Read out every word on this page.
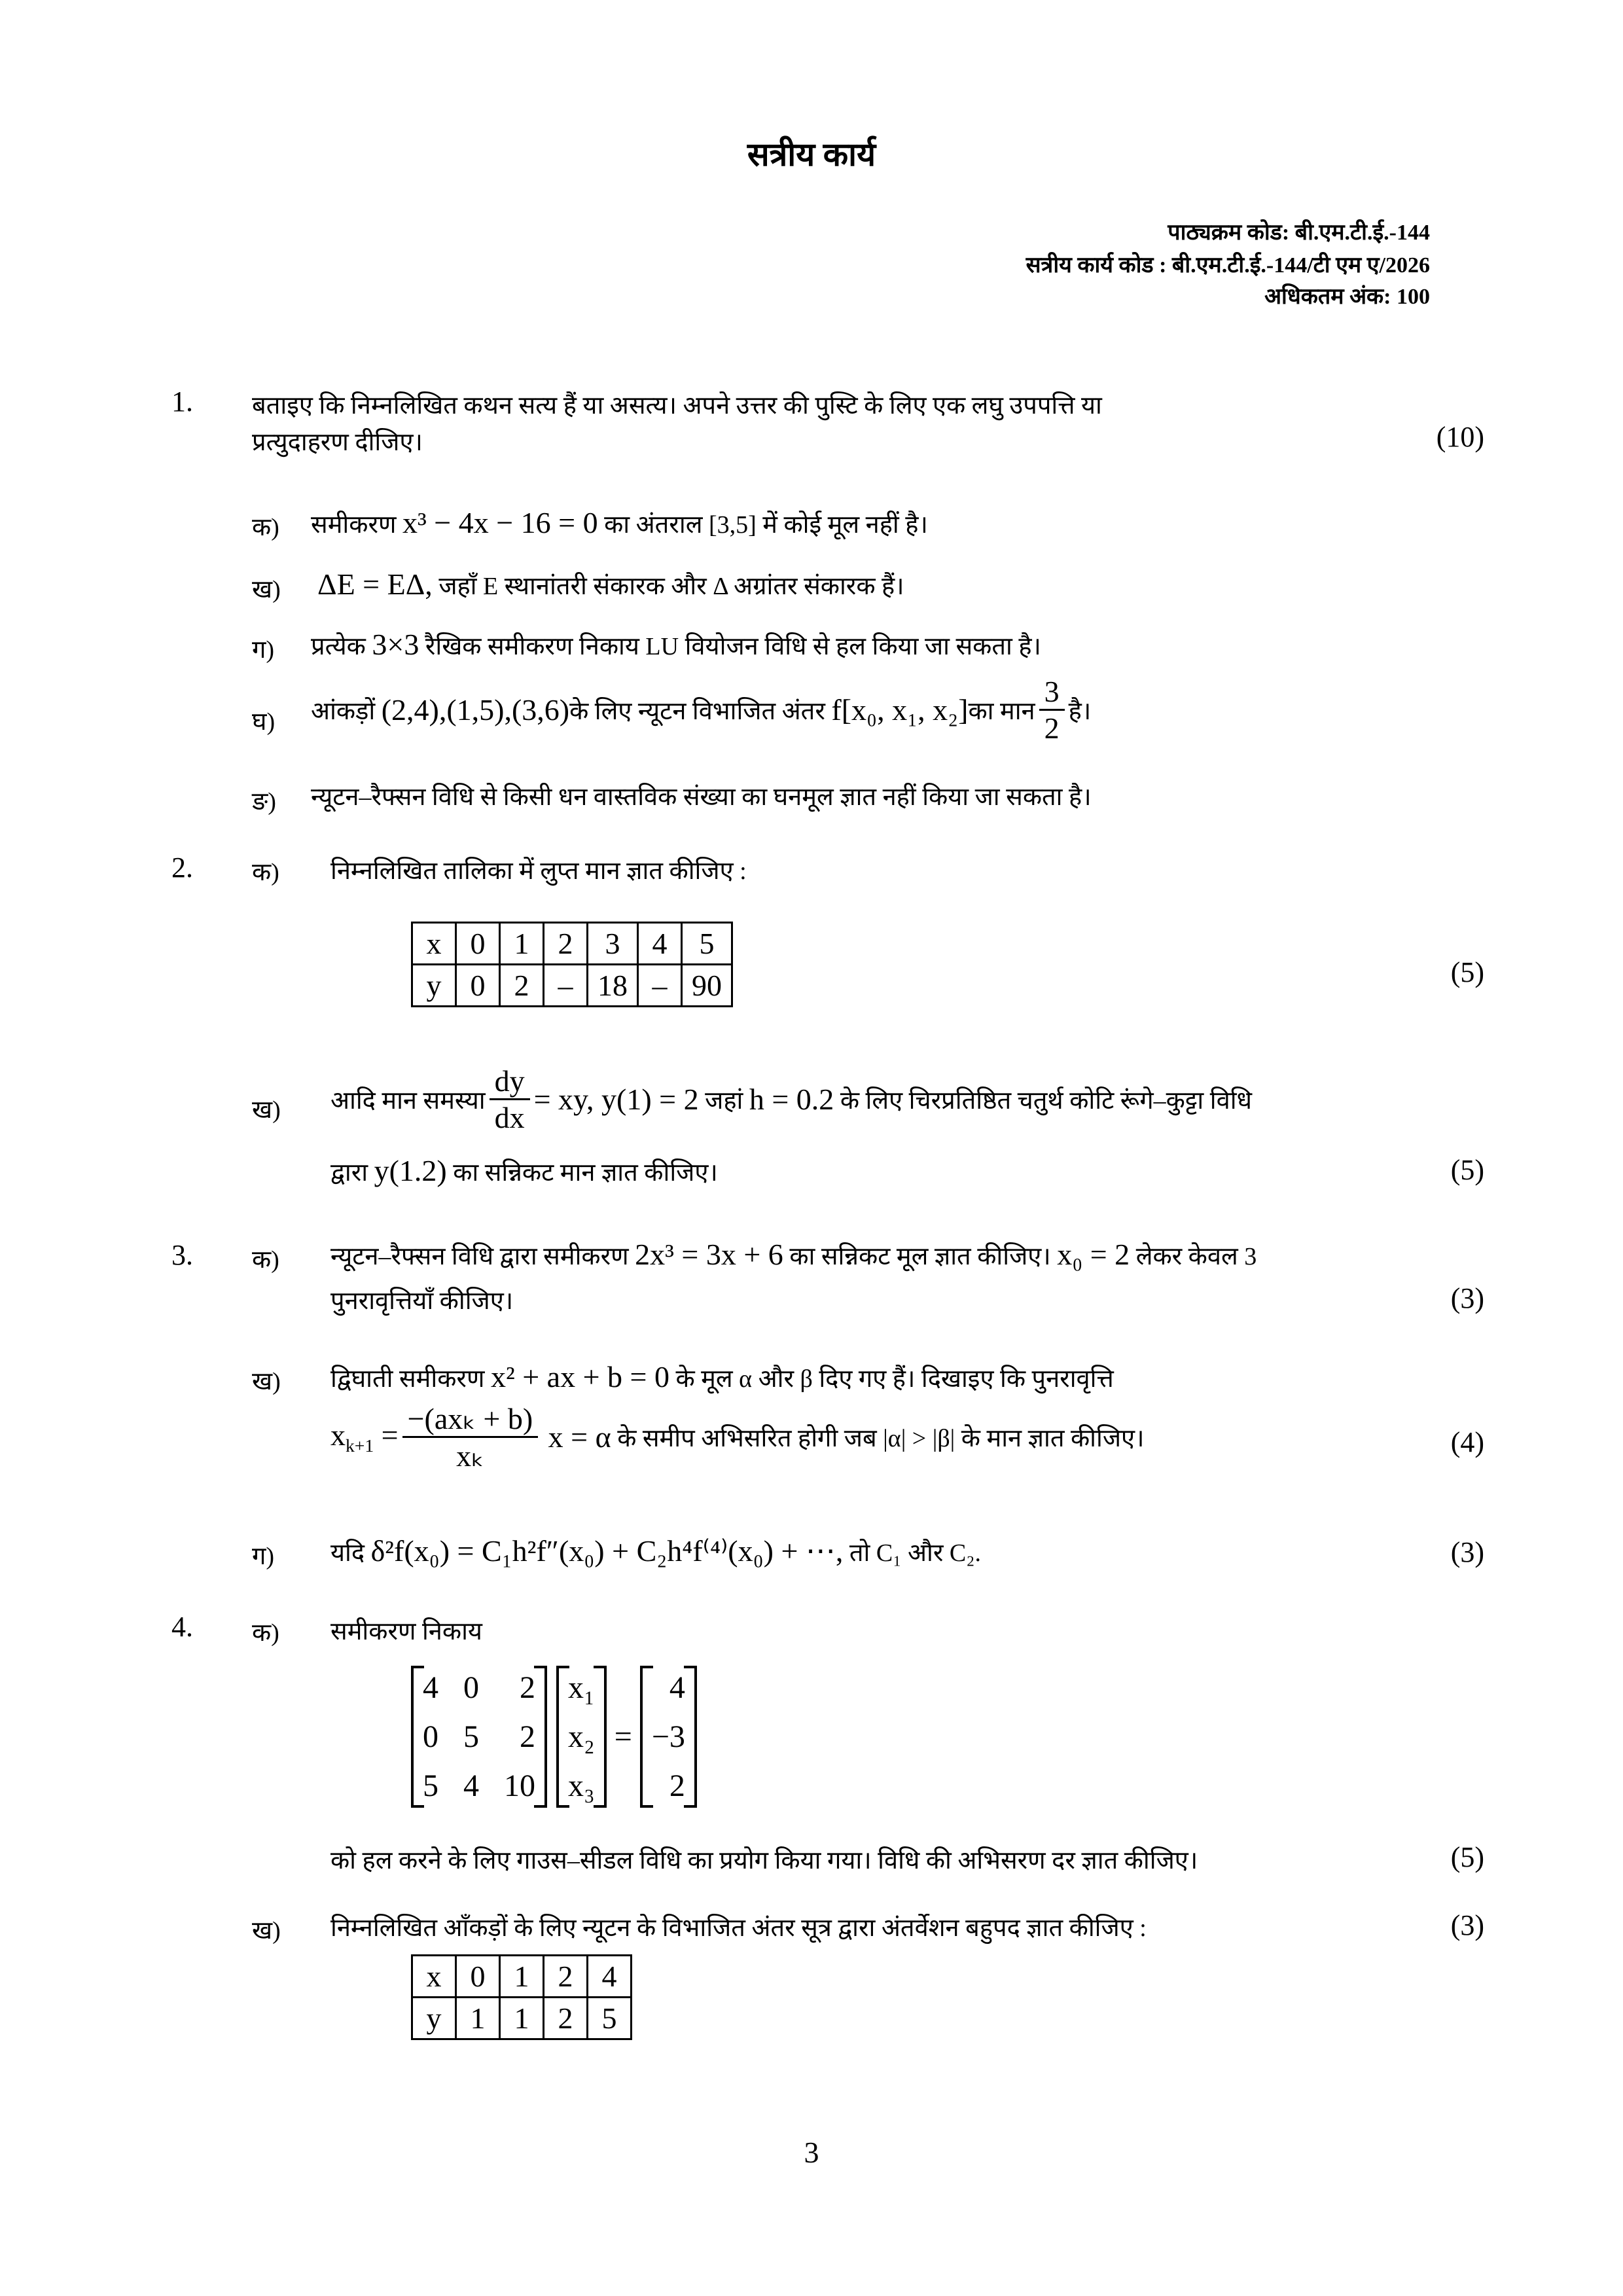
सत्रीय कार्य
पाठ्यक्रम कोड: बी.एम.टी.ई.-144
सत्रीय कार्य कोड : बी.एम.टी.ई.-144/टी एम ए/2026
अधिकतम अंक: 100
1. बताइए कि निम्नलिखित कथन सत्य हैं या असत्य। अपने उत्तर की पुस्टि के लिए एक लघु उपपत्ति या
प्रत्युदाहरण दीजिए।	(10)
क) समीकरण x³ − 4x − 16 = 0 का अंतराल [3,5] में कोई मूल नहीं है।
ख) ΔE = EΔ, जहाँ E स्थानांतरी संकारक और Δ अग्रांतर संकारक हैं।
ग) प्रत्येक 3×3 रैखिक समीकरण निकाय LU वियोजन विधि से हल किया जा सकता है।
घ) आंकड़ों
(2,4),(1,5),(3,6) के लिए न्यूटन विभाजित अंतर
f[x₀, x₁, x₂] का मान $\frac{3}{2}$ है।
ङ) न्यूटन–रैफ्सन विधि से किसी धन वास्तविक संख्या का घनमूल ज्ञात नहीं किया जा सकता है।
2. क) निम्नलिखित तालिका में लुप्त मान ज्ञात कीजिए :
x	0	1	2	3	4	5
y	0	2	–	18	–	90	(5)
ख) आदि मान समस्या $\frac{dy}{dx}$ = xy, y(1) = 2
जहां
h = 0.2
के लिए चिरप्रतिष्ठित चतुर्थ कोटि रूंगे–कुट्टा विधि
द्वारा y(1.2) का सन्निकट मान ज्ञात कीजिए।	(5)
3. क) न्यूटन–रैफ्सन विधि द्वारा समीकरण 2x³ = 3x + 6 का सन्निकट मूल ज्ञात कीजिए। x₀ = 2 लेकर केवल 3
पुनरावृत्तियाँ कीजिए।	(3)
ख) द्विघाती समीकरण x² + ax + b = 0 के मूल α और β दिए गए हैं। दिखाइए कि पुनरावृत्ति
$x_{k+1} = \frac{\text{−(axₖ + b)}}{\text{xₖ}}$
x = α
के समीप अभिसरित होगी जब |α| > |β| के मान ज्ञात कीजिए।	(4)
ग) यदि δ²f(x₀) = C₁h²f″(x₀) + C₂h⁴f⁽⁴⁾(x₀) + ⋯, तो C₁ और C₂.	(3)
4. क) समीकरण निकाय
4 0	2
0 5	2
5 4 10
x₁
x₂
x₃
=
4
−3
2
को हल करने के लिए गाउस–सीडल विधि का प्रयोग किया गया। विधि की अभिसरण दर ज्ञात कीजिए।	(5)
ख) निम्नलिखित आँकड़ों के लिए न्यूटन के विभाजित अंतर सूत्र द्वारा अंतर्वेशन बहुपद ज्ञात कीजिए :	(3)
x	0	1	2	4
y	1	1	2	5
3
